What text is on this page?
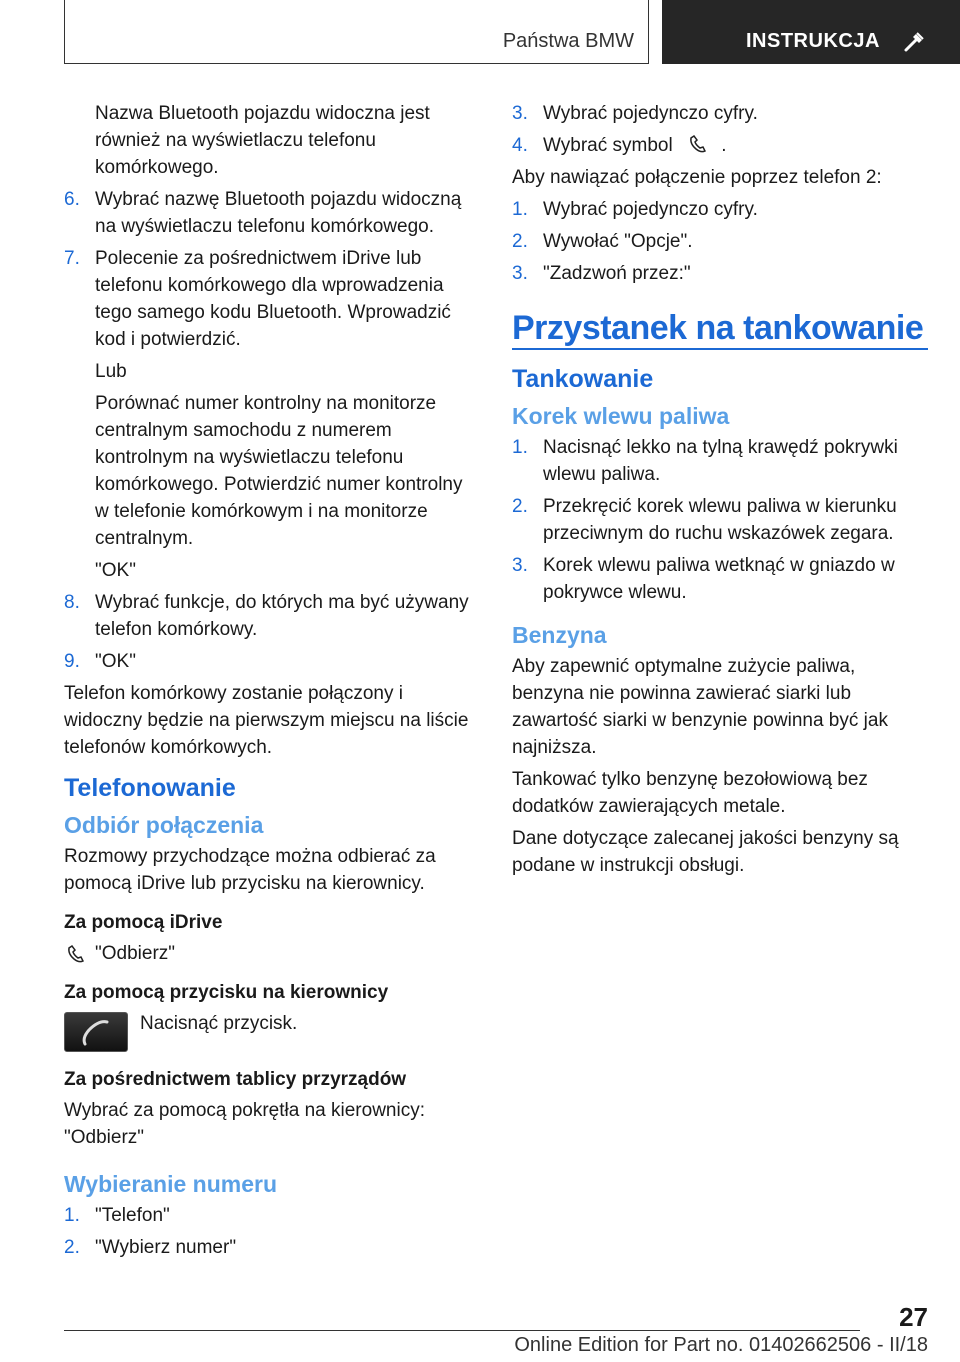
Państwa BMW	INSTRUKCJA

Nazwa Bluetooth pojazdu widoczna jest również na wyświetlaczu telefonu komórkowego.

6. Wybrać nazwę Bluetooth pojazdu widoczną na wyświetlaczu telefonu komórkowego.
7. Polecenie za pośrednictwem iDrive lub telefonu komórkowego dla wprowadzenia tego samego kodu Bluetooth. Wprowadzić kod i potwierdzić.

Lub

Porównać numer kontrolny na monitorze centralnym samochodu z numerem kontrolnym na wyświetlaczu telefonu komórkowego. Potwierdzić numer kontrolny w telefonie komórkowym i na monitorze centralnym.

"OK"

8. Wybrać funkcje, do których ma być używany telefon komórkowy.
9. "OK"

Telefon komórkowy zostanie połączony i widoczny będzie na pierwszym miejscu na liście telefonów komórkowych.

Telefonowanie
Odbiór połączenia

Rozmowy przychodzące można odbierać za pomocą iDrive lub przycisku na kierownicy.

Za pomocą iDrive

"Odbierz"

Za pomocą przycisku na kierownicy
Nacisnąć przycisk.
Za pośrednictwem tablicy przyrządów

Wybrać za pomocą pokrętła na kierownicy: "Odbierz"

Wybieranie numeru
1. "Telefon"
2. "Wybierz numer"
3. Wybrać pojedynczo cyfry.
4. Wybrać symbol	.

Aby nawiązać połączenie poprzez telefon 2:

1. Wybrać pojedynczo cyfry.
2. Wywołać "Opcje".
3. "Zadzwoń przez:"
Przystanek na tankowanie
Tankowanie
Korek wlewu paliwa
1. Nacisnąć lekko na tylną krawędź pokrywki wlewu paliwa.
2. Przekręcić korek wlewu paliwa w kierunku przeciwnym do ruchu wskazówek zegara.
3. Korek wlewu paliwa wetknąć w gniazdo w pokrywce wlewu.
Benzyna

Aby zapewnić optymalne zużycie paliwa, benzyna nie powinna zawierać siarki lub zawartość siarki w benzynie powinna być jak najniższa.

Tankować tylko benzynę bezołowiową bez dodatków zawierających metale.

Dane dotyczące zalecanej jakości benzyny są podane w instrukcji obsługi.

27
Online Edition for Part no. 01402662506 - II/18
